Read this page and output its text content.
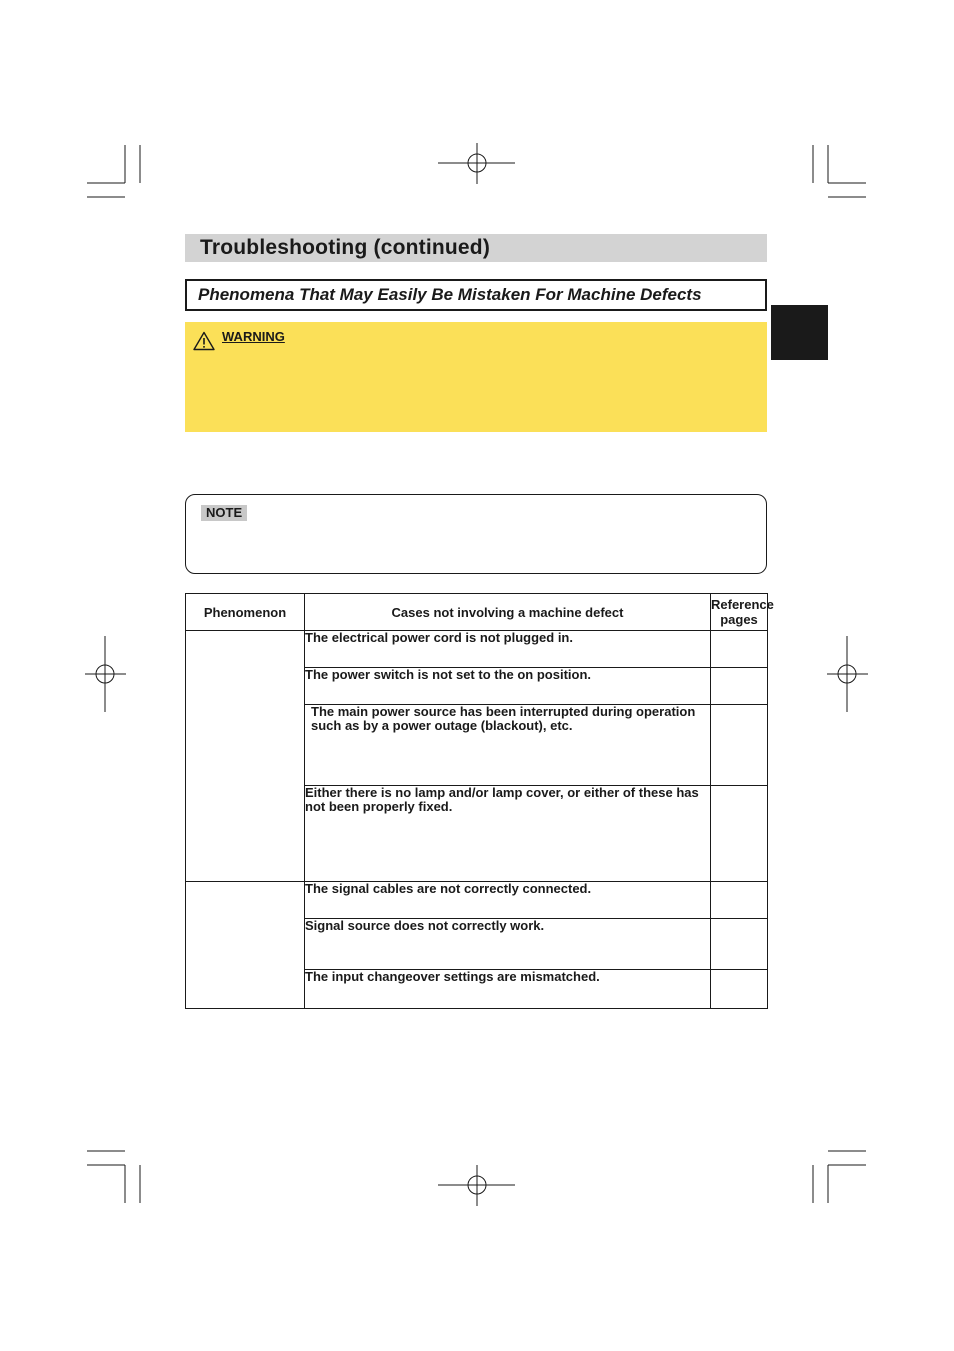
Troubleshooting (continued)
Phenomena That May Easily Be Mistaken For Machine Defects
WARNING
NOTE
Phenomenon	Cases not involving a machine defect	Reference pages
	The electrical power cord is not plugged in.	
	The power switch is not set to the on position.	
	The main power source has been interrupted during operation such as by a power outage (blackout), etc.	
	Either there is no lamp and/or lamp cover, or either of these has not been properly fixed.	
	The signal cables are not correctly connected.	
	Signal source does not correctly work.	
	The input changeover settings are mismatched.	
